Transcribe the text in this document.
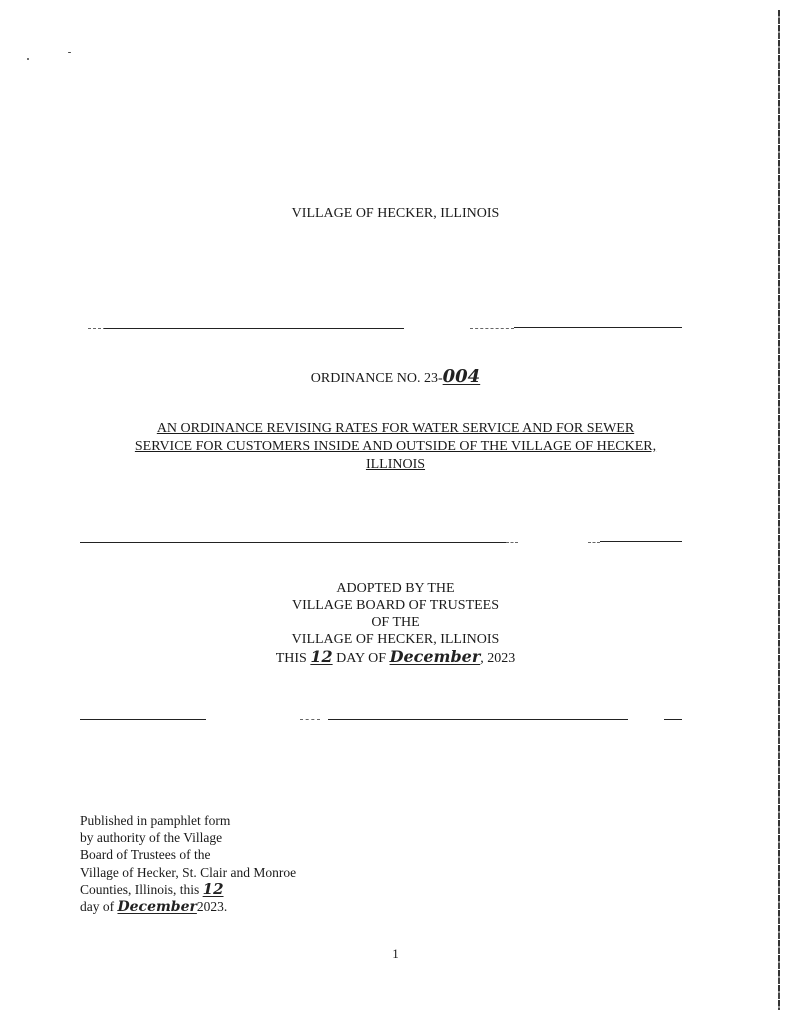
VILLAGE OF HECKER, ILLINOIS
ORDINANCE NO. 23-004
AN ORDINANCE REVISING RATES FOR WATER SERVICE AND FOR SEWER
SERVICE FOR CUSTOMERS INSIDE AND OUTSIDE OF THE VILLAGE OF HECKER,
ILLINOIS
ADOPTED BY THE
VILLAGE BOARD OF TRUSTEES
OF THE
VILLAGE OF HECKER, ILLINOIS
THIS 12 DAY OF December, 2023
Published in pamphlet form
by authority of the Village
Board of Trustees of the
Village of Hecker, St. Clair and Monroe
Counties, Illinois, this 12
day of December2023.
1
